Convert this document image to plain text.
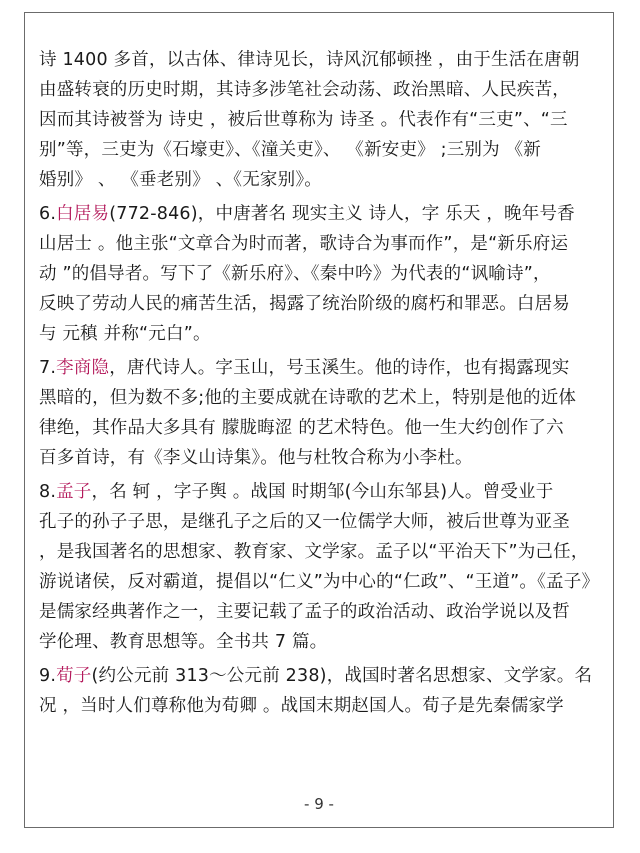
诗 1400 多首，以古体、律诗见长，诗风沉郁顿挫 ，由于生活在唐朝
由盛转衰的历史时期，其诗多涉笔社会动荡、政治黑暗、人民疾苦，
因而其诗被誉为 诗史 ，被后世尊称为 诗圣 。代表作有“三吏”、“三
别”等，三吏为《石壕吏》、《潼关吏》、 《新安吏》 ;三别为 《新
婚别》 、 《垂老别》 、《无家别》。
6.白居易(772-846)，中唐著名 现实主义 诗人，字 乐天 ，晚年号香
山居士 。他主张“文章合为时而著，歌诗合为事而作”，是“新乐府运
动 ”的倡导者。写下了《新乐府》、《秦中吟》为代表的“讽喻诗”，
反映了劳动人民的痛苦生活，揭露了统治阶级的腐朽和罪恶。白居易
与 元稹 并称“元白”。
7.李商隐，唐代诗人。字玉山，号玉溪生。他的诗作，也有揭露现实
黑暗的，但为数不多;他的主要成就在诗歌的艺术上，特别是他的近体
律绝，其作品大多具有 朦胧晦涩 的艺术特色。他一生大约创作了六
百多首诗，有《李义山诗集》。他与杜牧合称为小李杜。
8.孟子，名 轲 ，字子舆 。战国 时期邹(今山东邹县)人。曾受业于
孔子的孙子子思，是继孔子之后的又一位儒学大师，被后世尊为亚圣
，是我国著名的思想家、教育家、文学家。孟子以“平治天下”为己任，
游说诸侯，反对霸道，提倡以“仁义”为中心的“仁政”、“王道”。《孟子》
是儒家经典著作之一，主要记载了孟子的政治活动、政治学说以及哲
学伦理、教育思想等。全书共 7 篇。
9.荀子(约公元前 313～公元前 238)，战国时著名思想家、文学家。名
况 ，当时人们尊称他为荀卿 。战国末期赵国人。荀子是先秦儒家学
- 9 -
